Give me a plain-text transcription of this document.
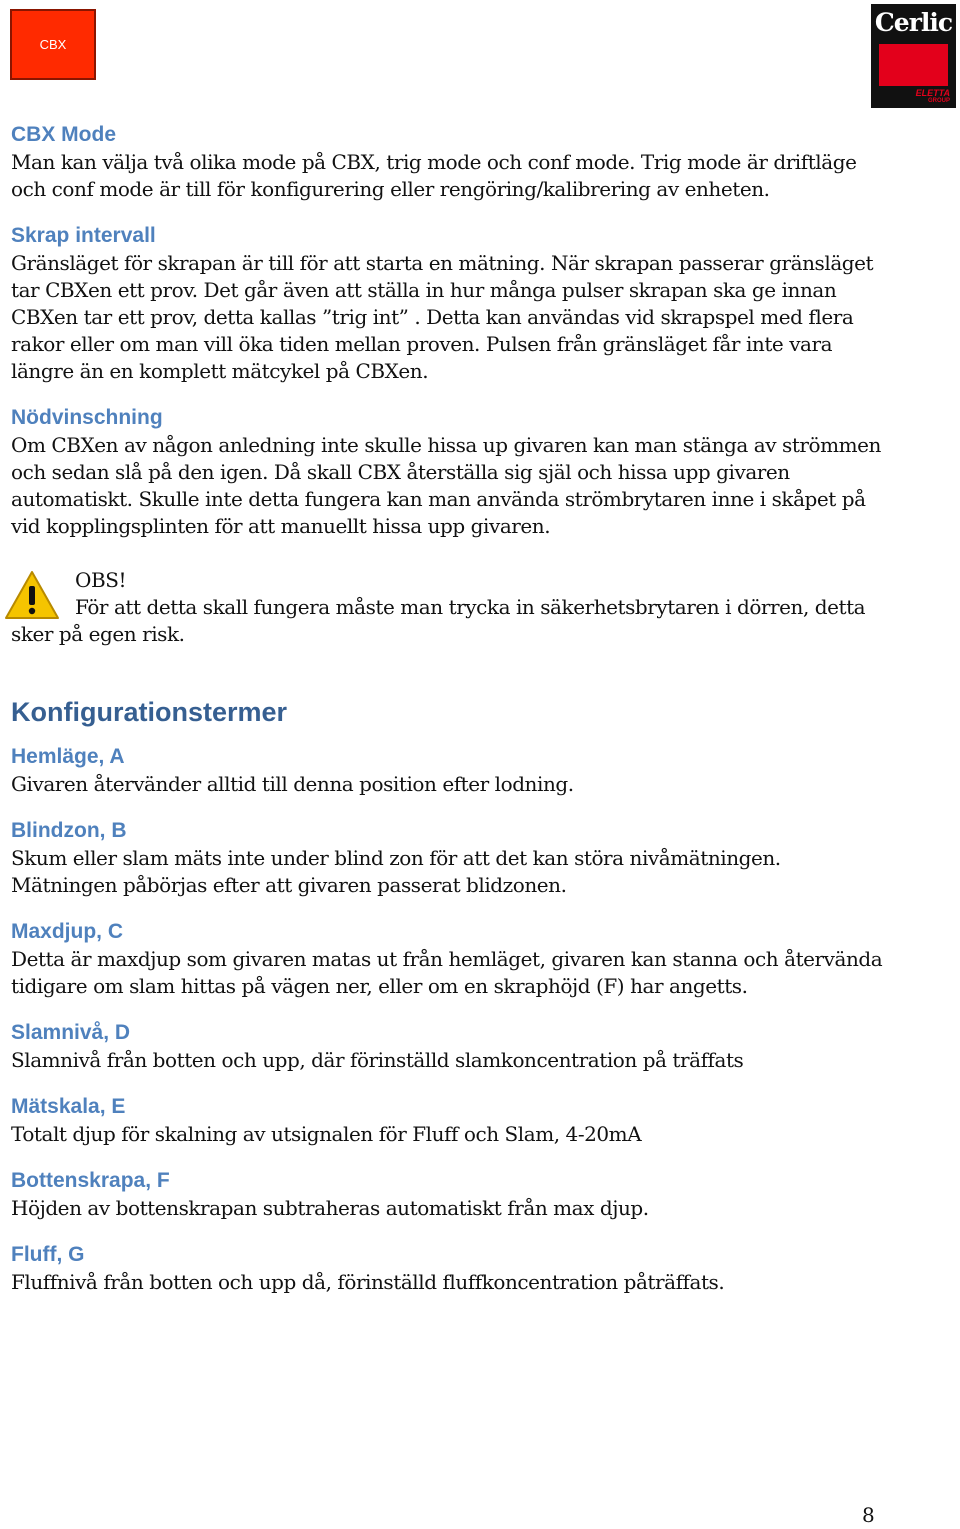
CBX
Cerlic
ELETTA
GROUP
CBX Mode

Man kan välja två olika mode på CBX, trig mode och conf mode. Trig mode är driftläge
och conf mode är till för konfigurering eller rengöring/kalibrering av enheten.

Skrap intervall

Gränsläget för skrapan är till för att starta en mätning. När skrapan passerar gränsläget
tar CBXen ett prov. Det går även att ställa in hur många pulser skrapan ska ge innan
CBXen tar ett prov, detta kallas ”trig int” . Detta kan användas vid skrapspel med flera
rakor eller om man vill öka tiden mellan proven. Pulsen från gränsläget får inte vara
längre än en komplett mätcykel på CBXen.

Nödvinschning

Om CBXen av någon anledning inte skulle hissa up givaren kan man stänga av strömmen
och sedan slå på den igen. Då skall CBX återställa sig själ och hissa upp givaren
automatiskt. Skulle inte detta fungera kan man använda strömbrytaren inne i skåpet på
vid kopplingsplinten för att manuellt hissa upp givaren.

OBS!
För att detta skall fungera måste man trycka in säkerhetsbrytaren i dörren, detta
sker på egen risk.

Konfigurationstermer
Hemläge, A

Givaren återvänder alltid till denna position efter lodning.

Blindzon, B

Skum eller slam mäts inte under blind zon för att det kan störa nivåmätningen.
Mätningen påbörjas efter att givaren passerat blidzonen.

Maxdjup, C

Detta är maxdjup som givaren matas ut från hemläget, givaren kan stanna och återvända
tidigare om slam hittas på vägen ner, eller om en skraphöjd (F) har angetts.

Slamnivå, D

Slamnivå från botten och upp, där förinställd slamkoncentration på träffats

Mätskala, E

Totalt djup för skalning av utsignalen för Fluff och Slam, 4-20mA

Bottenskrapa, F

Höjden av bottenskrapan subtraheras automatiskt från max djup.

Fluff, G

Fluffnivå från botten och upp då, förinställd fluffkoncentration påträffats.

8
